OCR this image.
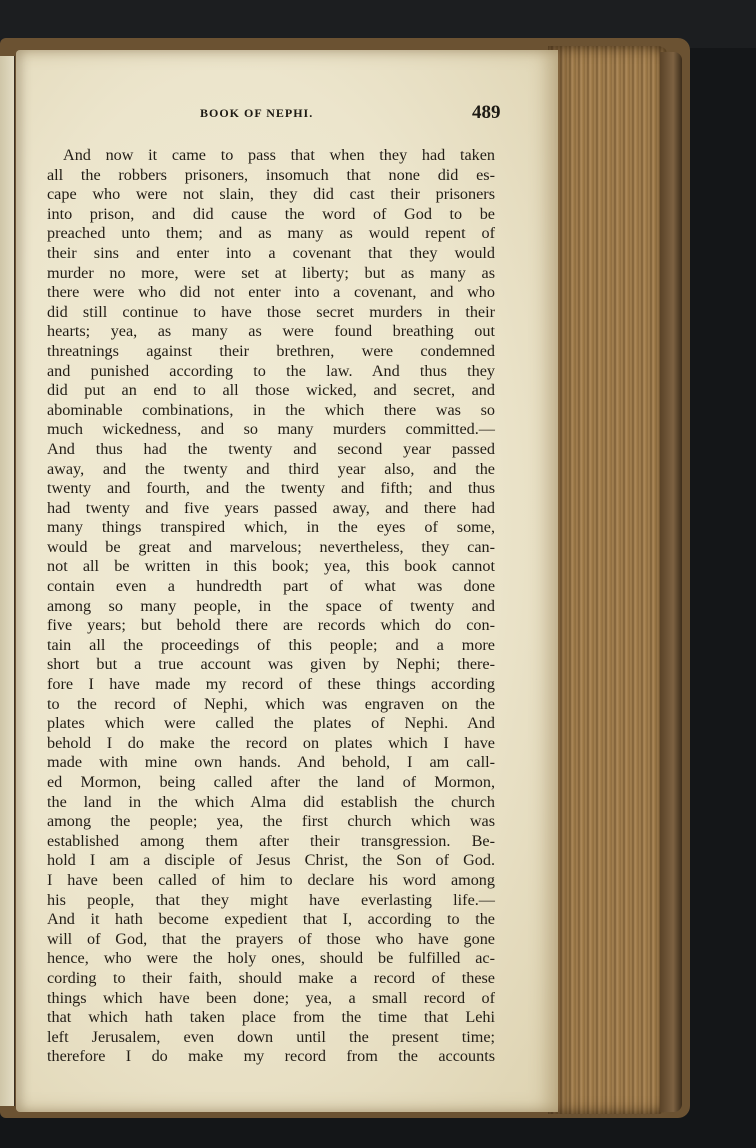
BOOK OF NEPHI.	489
And now it came to pass that when they had taken
all the robbers prisoners, insomuch that none did es-
cape who were not slain, they did cast their prisoners
into prison, and did cause the word of God to be
preached unto them; and as many as would repent of
their sins and enter into a covenant that they would
murder no more, were set at liberty; but as many as
there were who did not enter into a covenant, and who
did still continue to have those secret murders in their
hearts; yea, as many as were found breathing out
threatnings against their brethren, were condemned
and punished according to the law. And thus they
did put an end to all those wicked, and secret, and
abominable combinations, in the which there was so
much wickedness, and so many murders committed.—
And thus had the twenty and second year passed
away, and the twenty and third year also, and the
twenty and fourth, and the twenty and fifth; and thus
had twenty and five years passed away, and there had
many things transpired which, in the eyes of some,
would be great and marvelous; nevertheless, they can-
not all be written in this book; yea, this book cannot
contain even a hundredth part of what was done
among so many people, in the space of twenty and
five years; but behold there are records which do con-
tain all the proceedings of this people; and a more
short but a true account was given by Nephi; there-
fore I have made my record of these things according
to the record of Nephi, which was engraven on the
plates which were called the plates of Nephi. And
behold I do make the record on plates which I have
made with mine own hands. And behold, I am call-
ed Mormon, being called after the land of Mormon,
the land in the which Alma did establish the church
among the people; yea, the first church which was
established among them after their transgression. Be-
hold I am a disciple of Jesus Christ, the Son of God.
I have been called of him to declare his word among
his people, that they might have everlasting life.—
And it hath become expedient that I, according to the
will of God, that the prayers of those who have gone
hence, who were the holy ones, should be fulfilled ac-
cording to their faith, should make a record of these
things which have been done; yea, a small record of
that which hath taken place from the time that Lehi
left Jerusalem, even down until the present time;
therefore I do make my record from the accounts
